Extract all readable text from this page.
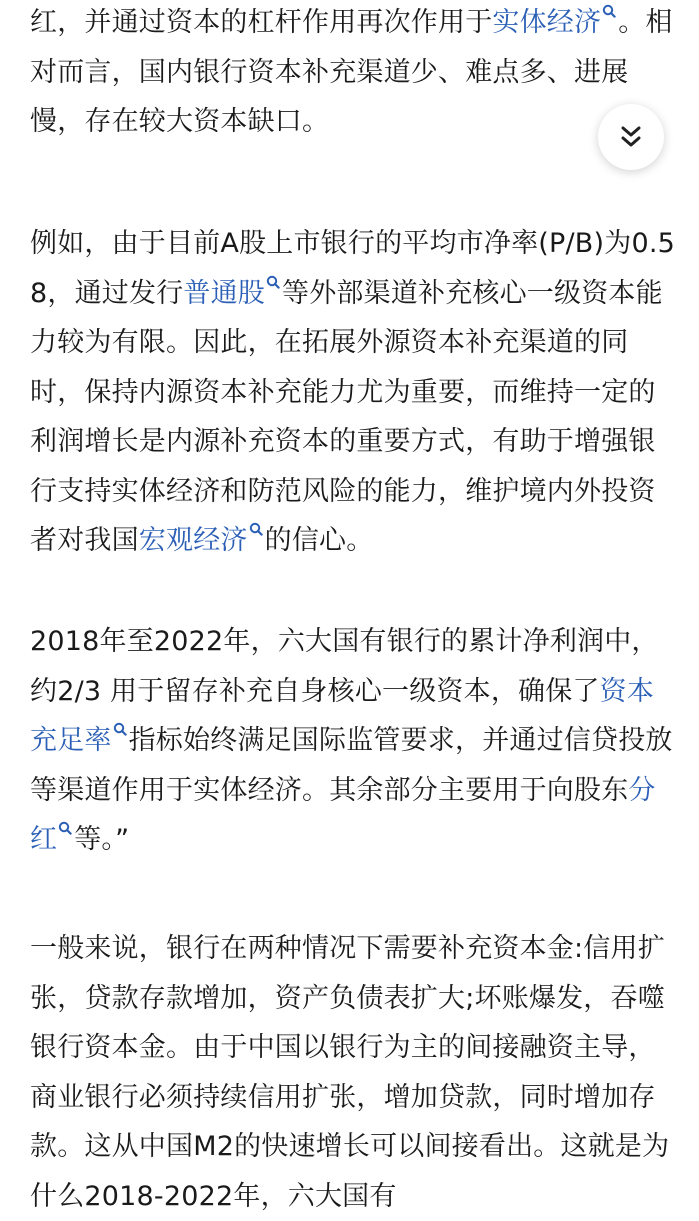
红，并通过资本的杠杆作用再次作用于实体经济 。相对而言，国内银行资本补充渠道少、难点多、进展慢，存在较大资本缺口。

例如，由于目前A股上市银行的平均市净率(P/B)为0.58，通过发行普通股 等外部渠道补充核心一级资本能力较为有限。因此，在拓展外源资本补充渠道的同时，保持内源资本补充能力尤为重要，而维持一定的利润增长是内源补充资本的重要方式，有助于增强银行支持实体经济和防范风险的能力，维护境内外投资者对我国宏观经济 的信心。

2018年至2022年，六大国有银行的累计净利润中，约2/3 用于留存补充自身核心一级资本，确保了资本充足率 指标始终满足国际监管要求，并通过信贷投放等渠道作用于实体经济。其余部分主要用于向股东分红 等。”

一般来说，银行在两种情况下需要补充资本金:信用扩张，贷款存款增加，资产负债表扩大;坏账爆发，吞噬银行资本金。由于中国以银行为主的间接融资主导，商业银行必须持续信用扩张，增加贷款，同时增加存款。这从中国M2的快速增长可以间接看出。这就是为什么2018-2022年，六大国有
